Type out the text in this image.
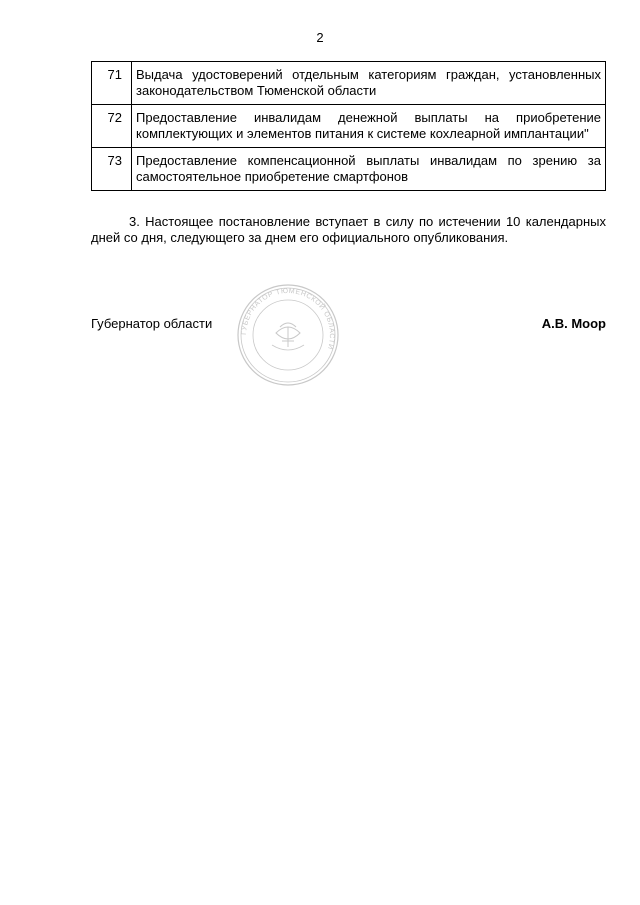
2
71	Выдача удостоверений отдельным категориям граждан, установленных законодательством Тюменской области
72	Предоставление инвалидам денежной выплаты на приобретение комплектующих и элементов питания к системе кохлеарной имплантации"
73	Предоставление компенсационной выплаты инвалидам по зрению за самостоятельное приобретение смартфонов
3. Настоящее постановление вступает в силу по истечении 10 календарных дней со дня, следующего за днем его официального опубликования.
Губернатор области	А.В. Моор
ГУБЕРНАТОР ТЮМЕНСКОЙ ОБЛАСТИ
